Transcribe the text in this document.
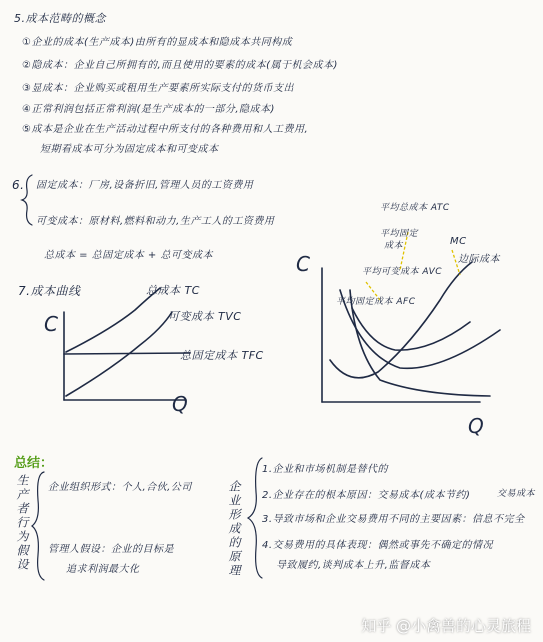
5.成本范畴的概念
①企业的成本(生产成本)由所有的显成本和隐成本共同构成
②隐成本：企业自己所拥有的,而且使用的要素的成本(属于机会成本)
③显成本：企业购买或租用生产要素所实际支付的货币支出
④正常利润包括正常利润(是生产成本的一部分,隐成本)
⑤成本是企业在生产活动过程中所支付的各种费用和人工费用,
短期看成本可分为固定成本和可变成本
6. 固定成本：厂房,设备折旧,管理人员的工资费用
可变成本：原材料,燃料和动力,生产工人的工资费用
总成本 = 总固定成本 + 总可变成本
7.成本曲线
C
Q
总成本 TC
可变成本 TVC
总固定成本 TFC
C
Q
MC
边际成本
平均固定成本 AFC
平均可变成本 AVC
平均总成本 ATC
平均固定
成本
总结：
生产者行为假设 企业组织形式：个人,合伙,公司
管理人假设：企业的目标是
追求利润最大化	企业形成的原理
1.企业和市场机制是替代的
2.企业存在的根本原因：交易成本(成本节约)	交易成本
3.导致市场和企业交易费用不同的主要因素：信息不完全
4.交易费用的具体表现：偶然或事先不确定的情况
导致履约,谈判成本上升,监督成本
知乎 @小禽兽的心灵旅程
